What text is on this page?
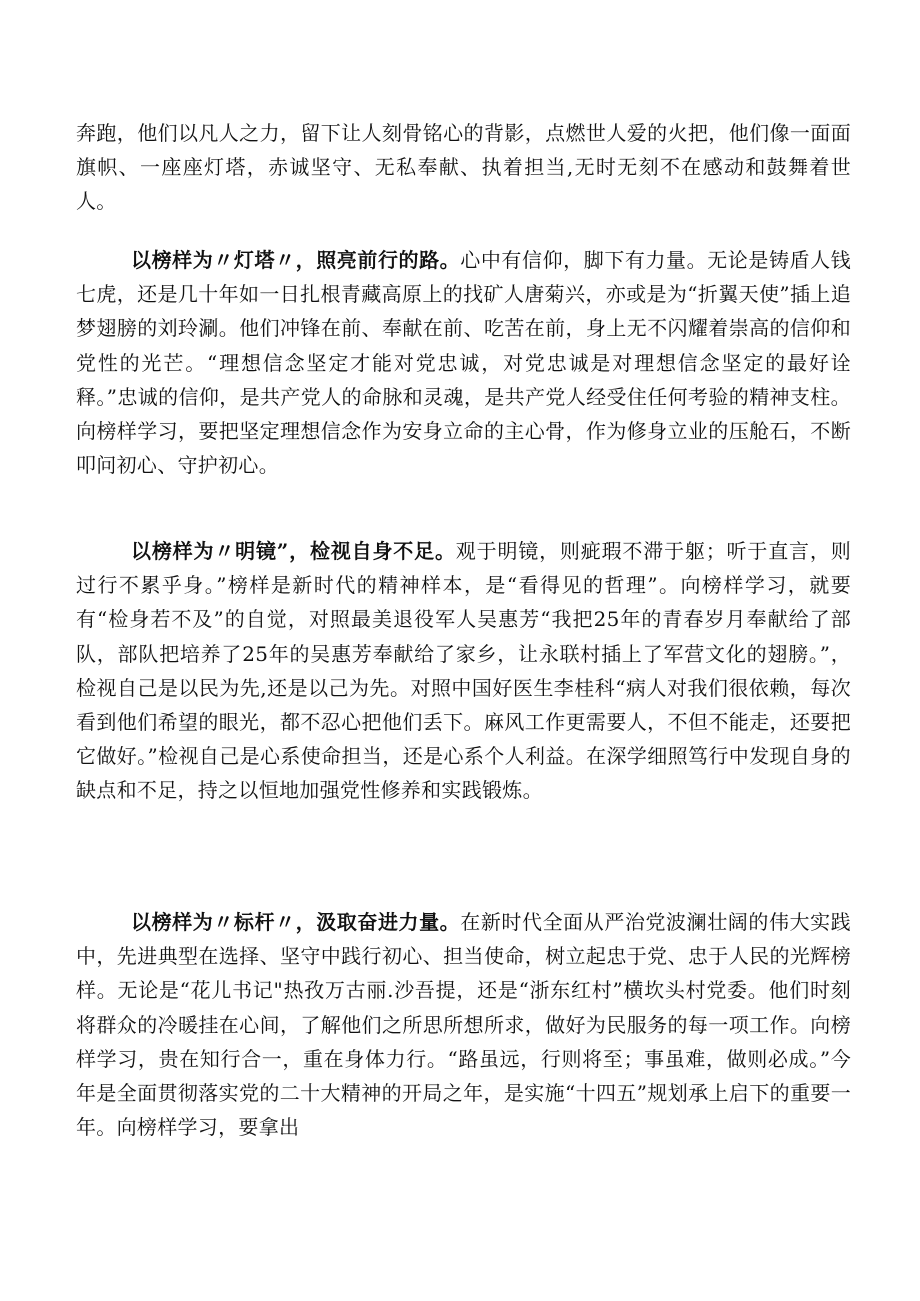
奔跑，他们以凡人之力，留下让人刻骨铭心的背影，点燃世人爱的火把，他们像一面面旗帜、一座座灯塔，赤诚坚守、无私奉献、执着担当,无时无刻不在感动和鼓舞着世人。

以榜样为〃灯塔〃，照亮前行的路。心中有信仰，脚下有力量。无论是铸盾人钱七虎，还是几十年如一日扎根青藏高原上的找矿人唐菊兴，亦或是为“折翼天使”插上追梦翅膀的刘玲涮。他们冲锋在前、奉献在前、吃苦在前，身上无不闪耀着崇高的信仰和党性的光芒。“理想信念坚定才能对党忠诚，对党忠诚是对理想信念坚定的最好诠释。”忠诚的信仰，是共产党人的命脉和灵魂，是共产党人经受住任何考验的精神支柱。向榜样学习，要把坚定理想信念作为安身立命的主心骨，作为修身立业的压舱石，不断叩问初心、守护初心。

以榜样为〃明镜”，检视自身不足。观于明镜，则疵瑕不滞于躯；听于直言，则过行不累乎身。”榜样是新时代的精神样本，是“看得见的哲理”。向榜样学习，就要有“检身若不及”的自觉，对照最美退役军人吴惠芳“我把25年的青春岁月奉献给了部队，部队把培养了25年的吴惠芳奉献给了家乡，让永联村插上了军营文化的翅膀。”，检视自己是以民为先,还是以己为先。对照中国好医生李桂科“病人对我们很依赖，每次看到他们希望的眼光，都不忍心把他们丢下。麻风工作更需要人，不但不能走，还要把它做好。”检视自己是心系使命担当，还是心系个人利益。在深学细照笃行中发现自身的缺点和不足，持之以恒地加强党性修养和实践锻炼。

以榜样为〃标杆〃，汲取奋进力量。在新时代全面从严治党波澜壮阔的伟大实践中，先进典型在选择、坚守中践行初心、担当使命，树立起忠于党、忠于人民的光辉榜样。无论是“花儿书记"热孜万古丽.沙吾提，还是“浙东红村”横坎头村党委。他们时刻将群众的冷暖挂在心间，了解他们之所思所想所求，做好为民服务的每一项工作。向榜样学习，贵在知行合一，重在身体力行。“路虽远，行则将至；事虽难，做则必成。”今年是全面贯彻落实党的二十大精神的开局之年，是实施“十四五”规划承上启下的重要一年。向榜样学习，要拿出
